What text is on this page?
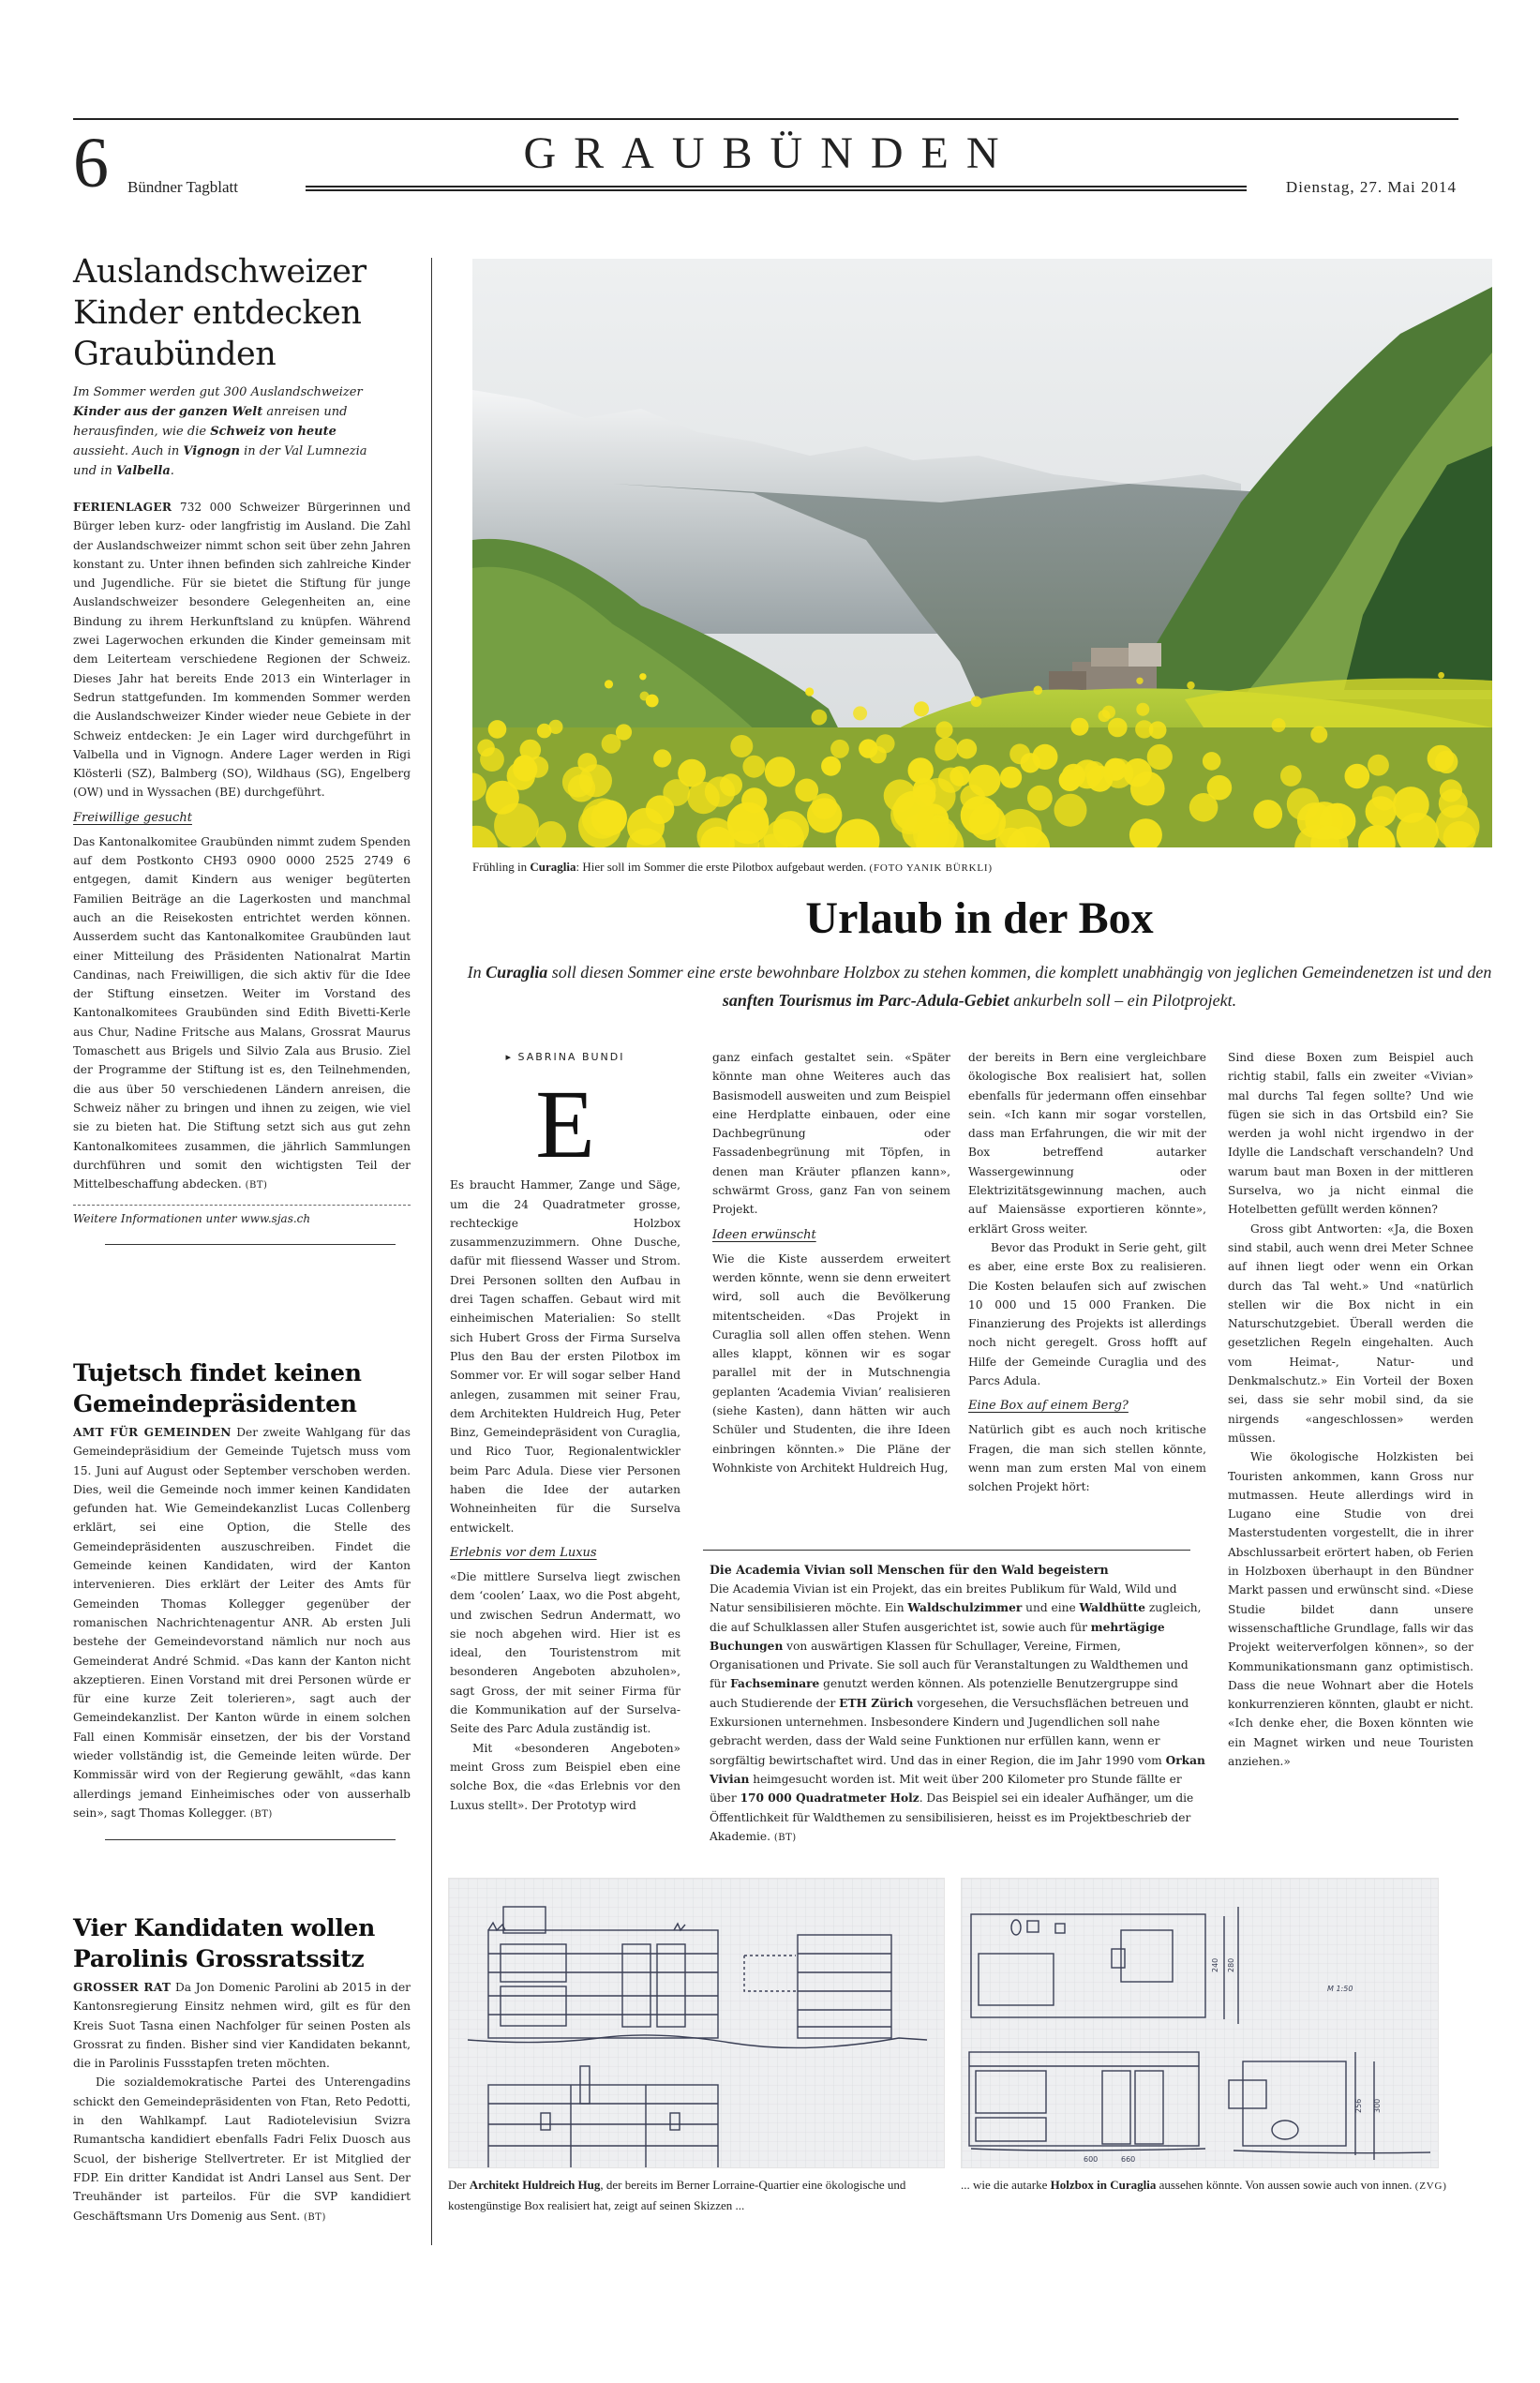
6 Bündner Tagblatt
GRAUBÜNDEN
Dienstag, 27. Mai 2014
Auslandschweizer Kinder entdecken Graubünden

Im Sommer werden gut 300 Auslandschweizer Kinder aus der ganzen Welt anreisen und herausfinden, wie die Schweiz von heute aussieht. Auch in Vignogn in der Val Lumnezia und in Valbella.

FERIENLAGER 732 000 Schweizer Bürgerinnen und Bürger leben kurz- oder langfristig im Ausland. Die Zahl der Auslandschweizer nimmt schon seit über zehn Jahren konstant zu. Unter ihnen befinden sich zahlreiche Kinder und Jugendliche. Für sie bietet die Stiftung für junge Auslandschweizer besondere Gelegenheiten an, eine Bindung zu ihrem Herkunftsland zu knüpfen. Während zwei Lagerwochen erkunden die Kinder gemeinsam mit dem Leiterteam verschiedene Regionen der Schweiz. Dieses Jahr hat bereits Ende 2013 ein Winterlager in Sedrun stattgefunden. Im kommenden Sommer werden die Auslandschweizer Kinder wieder neue Gebiete in der Schweiz entdecken: Je ein Lager wird durchgeführt in Valbella und in Vignogn. Andere Lager werden in Rigi Klösterli (SZ), Balmberg (SO), Wildhaus (SG), Engelberg (OW) und in Wyssachen (BE) durchgeführt.

Freiwillige gesucht

Das Kantonalkomitee Graubünden nimmt zudem Spenden auf dem Postkonto CH93 0900 0000 2525 2749 6 entgegen, damit Kindern aus weniger begüterten Familien Beiträge an die Lagerkosten und manchmal auch an die Reisekosten entrichtet werden können. Ausserdem sucht das Kantonalkomitee Graubünden laut einer Mitteilung des Präsidenten Nationalrat Martin Candinas, nach Freiwilligen, die sich aktiv für die Idee der Stiftung einsetzen. Weiter im Vorstand des Kantonalkomitees Graubünden sind Edith Bivetti-Kerle aus Chur, Nadine Fritsche aus Malans, Grossrat Maurus Tomaschett aus Brigels und Silvio Zala aus Brusio. Ziel der Programme der Stiftung ist es, den Teilnehmenden, die aus über 50 verschiedenen Ländern anreisen, die Schweiz näher zu bringen und ihnen zu zeigen, wie viel sie zu bieten hat. Die Stiftung setzt sich aus gut zehn Kantonalkomitees zusammen, die jährlich Sammlungen durchführen und somit den wichtigsten Teil der Mittelbeschaffung abdecken. (BT)

Weitere Informationen unter www.sjas.ch

Tujetsch findet keinen Gemeindepräsidenten

AMT FÜR GEMEINDEN Der zweite Wahlgang für das Gemeindepräsidium der Gemeinde Tujetsch muss vom 15. Juni auf August oder September verschoben werden. Dies, weil die Gemeinde noch immer keinen Kandidaten gefunden hat. Wie Gemeindekanzlist Lucas Collenberg erklärt, sei eine Option, die Stelle des Gemeindepräsidenten auszuschreiben. Findet die Gemeinde keinen Kandidaten, wird der Kanton intervenieren. Dies erklärt der Leiter des Amts für Gemeinden Thomas Kollegger gegenüber der romanischen Nachrichtenagentur ANR. Ab ersten Juli bestehe der Gemeindevorstand nämlich nur noch aus Gemeinderat André Schmid. «Das kann der Kanton nicht akzeptieren. Einen Vorstand mit drei Personen würde er für eine kurze Zeit tolerieren», sagt auch der Gemeindekanzlist. Der Kanton würde in einem solchen Fall einen Kommisär einsetzen, der bis der Vorstand wieder vollständig ist, die Gemeinde leiten würde. Der Kommissär wird von der Regierung gewählt, «das kann allerdings jemand Einheimisches oder von ausserhalb sein», sagt Thomas Kollegger. (BT)

Vier Kandidaten wollen Parolinis Grossratssitz

GROSSER RAT Da Jon Domenic Parolini ab 2015 in der Kantonsregierung Einsitz nehmen wird, gilt es für den Kreis Suot Tasna einen Nachfolger für seinen Posten als Grossrat zu finden. Bisher sind vier Kandidaten bekannt, die in Parolinis Fussstapfen treten möchten.

Die sozialdemokratische Partei des Unterengadins schickt den Gemeindepräsidenten von Ftan, Reto Pedotti, in den Wahlkampf. Laut Radiotelevisiun Svizra Rumantscha kandidiert ebenfalls Fadri Felix Duosch aus Scuol, der bisherige Stellvertreter. Er ist Mitglied der FDP. Ein dritter Kandidat ist Andri Lansel aus Sent. Der Treuhänder ist parteilos. Für die SVP kandidiert Geschäftsmann Urs Domenig aus Sent. (BT)

Frühling in Curaglia: Hier soll im Sommer die erste Pilotbox aufgebaut werden. (FOTO YANIK BÜRKLI)

Urlaub in der Box

In Curaglia soll diesen Sommer eine erste bewohnbare Holzbox zu stehen kommen, die komplett unabhängig von jeglichen Gemeindenetzen ist und den sanften Tourismus im Parc-Adula-Gebiet ankurbeln soll – ein Pilotprojekt.

▸ SABRINA BUNDI
E

Es braucht Hammer, Zange und Säge, um die 24 Quadratmeter grosse, rechteckige Holzbox zusammenzuzimmern. Ohne Dusche, dafür mit fliessend Wasser und Strom. Drei Personen sollten den Aufbau in drei Tagen schaffen. Gebaut wird mit einheimischen Materialien: So stellt sich Hubert Gross der Firma Surselva Plus den Bau der ersten Pilotbox im Sommer vor. Er will sogar selber Hand anlegen, zusammen mit seiner Frau, dem Architekten Huldreich Hug, Peter Binz, Gemeindepräsident von Curaglia, und Rico Tuor, Regionalentwickler beim Parc Adula. Diese vier Personen haben die Idee der autarken Wohneinheiten für die Surselva entwickelt.

Erlebnis vor dem Luxus

«Die mittlere Surselva liegt zwischen dem ‘coolen’ Laax, wo die Post abgeht, und zwischen Sedrun Andermatt, wo sie noch abgehen wird. Hier ist es ideal, den Touristenstrom mit besonderen Angeboten abzuholen», sagt Gross, der mit seiner Firma für die Kommunikation auf der Surselva-Seite des Parc Adula zuständig ist.

Mit «besonderen Angeboten» meint Gross zum Beispiel eben eine solche Box, die «das Erlebnis vor den Luxus stellt». Der Prototyp wird

ganz einfach gestaltet sein. «Später könnte man ohne Weiteres auch das Basismodell ausweiten und zum Beispiel eine Herdplatte einbauen, oder eine Dachbegrünung oder Fassadenbegrünung mit Töpfen, in denen man Kräuter pflanzen kann», schwärmt Gross, ganz Fan von seinem Projekt.

Ideen erwünscht

Wie die Kiste ausserdem erweitert werden könnte, wenn sie denn erweitert wird, soll auch die Bevölkerung mitentscheiden. «Das Projekt in Curaglia soll allen offen stehen. Wenn alles klappt, können wir es sogar parallel mit der in Mutschnengia geplanten ‘Academia Vivian’ realisieren (siehe Kasten), dann hätten wir auch Schüler und Studenten, die ihre Ideen einbringen könnten.» Die Pläne der Wohnkiste von Architekt Huldreich Hug,

der bereits in Bern eine vergleichbare ökologische Box realisiert hat, sollen ebenfalls für jedermann offen einsehbar sein. «Ich kann mir sogar vorstellen, dass man Erfahrungen, die wir mit der Box betreffend autarker Wassergewinnung oder Elektrizitätsgewinnung machen, auch auf Maiensässe exportieren könnte», erklärt Gross weiter.

Bevor das Produkt in Serie geht, gilt es aber, eine erste Box zu realisieren. Die Kosten belaufen sich auf zwischen 10 000 und 15 000 Franken. Die Finanzierung des Projekts ist allerdings noch nicht geregelt. Gross hofft auf Hilfe der Gemeinde Curaglia und des Parcs Adula.

Eine Box auf einem Berg?

Natürlich gibt es auch noch kritische Fragen, die man sich stellen könnte, wenn man zum ersten Mal von einem solchen Projekt hört:

Sind diese Boxen zum Beispiel auch richtig stabil, falls ein zweiter «Vivian» mal durchs Tal fegen sollte? Und wie fügen sie sich in das Ortsbild ein? Sie werden ja wohl nicht irgendwo in der Idylle die Landschaft verschandeln? Und warum baut man Boxen in der mittleren Surselva, wo ja nicht einmal die Hotelbetten gefüllt werden können?

Gross gibt Antworten: «Ja, die Boxen sind stabil, auch wenn drei Meter Schnee auf ihnen liegt oder wenn ein Orkan durch das Tal weht.» Und «natürlich stellen wir die Box nicht in ein Naturschutzgebiet. Überall werden die gesetzlichen Regeln eingehalten. Auch vom Heimat-, Natur- und Denkmalschutz.» Ein Vorteil der Boxen sei, dass sie sehr mobil sind, da sie nirgends «angeschlossen» werden müssen.

Wie ökologische Holzkisten bei Touristen ankommen, kann Gross nur mutmassen. Heute allerdings wird in Lugano eine Studie von drei Masterstudenten vorgestellt, die in ihrer Abschlussarbeit erörtert haben, ob Ferien in Holzboxen überhaupt in den Bündner Markt passen und erwünscht sind. «Diese Studie bildet dann unsere wissenschaftliche Grundlage, falls wir das Projekt weiterverfolgen können», so der Kommunikationsmann ganz optimistisch. Dass die neue Wohnart aber die Hotels konkurrenzieren könnten, glaubt er nicht. «Ich denke eher, die Boxen könnten wie ein Magnet wirken und neue Touristen anziehen.»

Die Academia Vivian soll Menschen für den Wald begeistern

Die Academia Vivian ist ein Projekt, das ein breites Publikum für Wald, Wild und Natur sensibilisieren möchte. Ein Waldschulzimmer und eine Waldhütte zugleich, die auf Schulklassen aller Stufen ausgerichtet ist, sowie auch für mehrtägige Buchungen von auswärtigen Klassen für Schullager, Vereine, Firmen, Organisationen und Private. Sie soll auch für Veranstaltungen zu Waldthemen und für Fachseminare genutzt werden können. Als potenzielle Benutzergruppe sind auch Studierende der ETH Zürich vorgesehen, die Versuchsflächen betreuen und Exkursionen unternehmen. Insbesondere Kindern und Jugendlichen soll nahe gebracht werden, dass der Wald seine Funktionen nur erfüllen kann, wenn er sorgfältig bewirtschaftet wird. Und das in einer Region, die im Jahr 1990 vom Orkan Vivian heimgesucht worden ist. Mit weit über 200 Kilometer pro Stunde fällte er über 170 000 Quadratmeter Holz. Das Beispiel sei ein idealer Aufhänger, um die Öffentlichkeit für Waldthemen zu sensibilisieren, heisst es im Projektbeschrieb der Akademie. (BT)

240 280
256 300
M 1:50
600	660

Der Architekt Huldreich Hug, der bereits im Berner Lorraine-Quartier eine ökologische und kostengünstige Box realisiert hat, zeigt auf seinen Skizzen ...

... wie die autarke Holzbox in Curaglia aussehen könnte. Von aussen sowie auch von innen. (ZVG)
